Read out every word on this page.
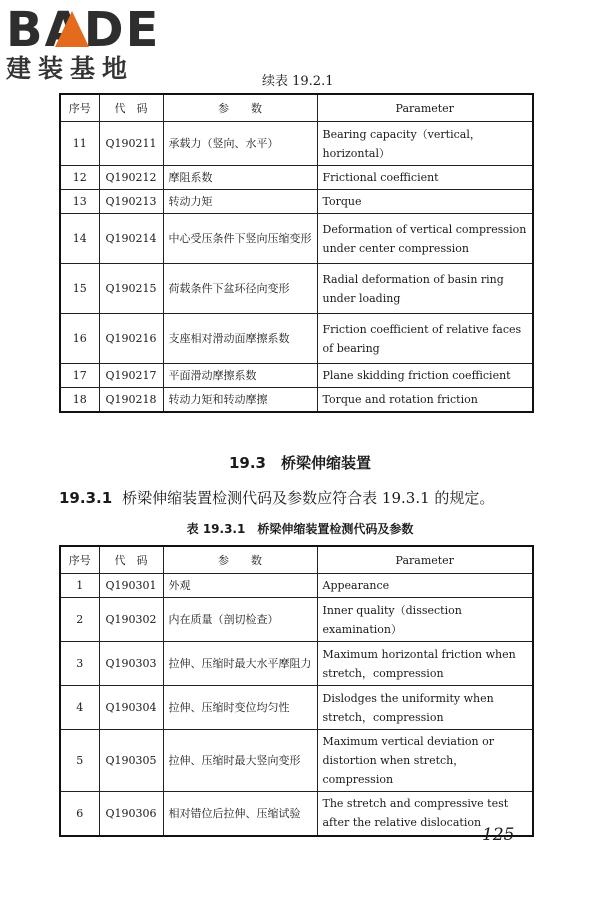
BADE
建装基地	续表 19.2.1
序号	代　码	参　　数	Parameter
11	Q190211	承载力（竖向、水平）	Bearing capacity（vertical，horizontal）
12	Q190212	摩阻系数	Frictional coefficient
13	Q190213	转动力矩	Torque
14	Q190214	中心受压条件下竖向压缩变形	Deformation of vertical compression under center compression
15	Q190215	荷载条件下盆环径向变形	Radial deformation of basin ring under loading
16	Q190216	支座相对滑动面摩擦系数	Friction coefficient of relative faces of bearing
17	Q190217	平面滑动摩擦系数	Plane skidding friction coefficient
18	Q190218	转动力矩和转动摩擦	Torque and rotation friction
19.3　桥梁伸缩装置
19.3.1 桥梁伸缩装置检测代码及参数应符合表 19.3.1 的规定。
表 19.3.1　桥梁伸缩装置检测代码及参数
序号	代　码	参　　数	Parameter
1	Q190301	外观	Appearance
2	Q190302	内在质量（剖切检查）	Inner quality（dissection examination）
3	Q190303	拉伸、压缩时最大水平摩阻力	Maximum horizontal friction when stretch，compression
4	Q190304	拉伸、压缩时变位均匀性	Dislodges the uniformity when stretch，compression
5	Q190305	拉伸、压缩时最大竖向变形	Maximum vertical deviation or distortion when stretch，compression
6	Q190306	相对错位后拉伸、压缩试验	The stretch and compressive test after the relative dislocation
125
